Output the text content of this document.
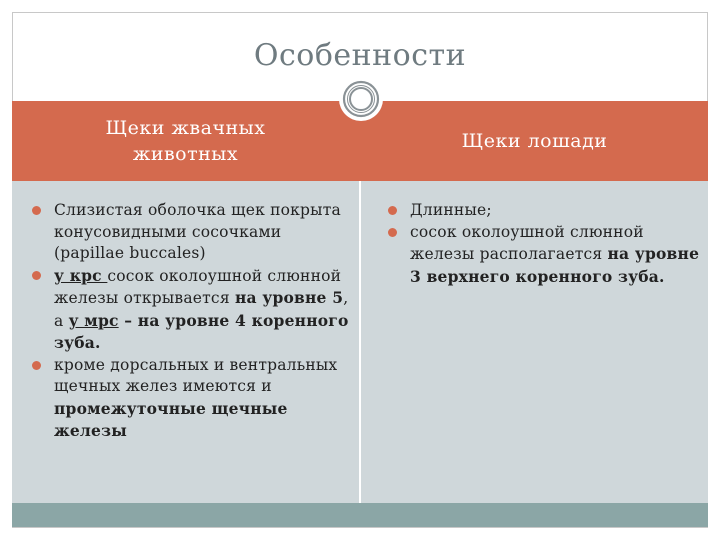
Особенности
Щеки жвачных
животных
Щеки лошади
Слизистая оболочка щек покрыта конусовидными сосочками (papillae buccales)
у крс сосок околоушной слюнной железы открывается на уровне 5, а у мрс – на уровне 4 коренного зуба.
кроме дорсальных и вентральных щечных желез имеются и промежуточные щечные железы
Длинные;
сосок околоушной слюнной железы располагается на уровне 3 верхнего коренного зуба.
